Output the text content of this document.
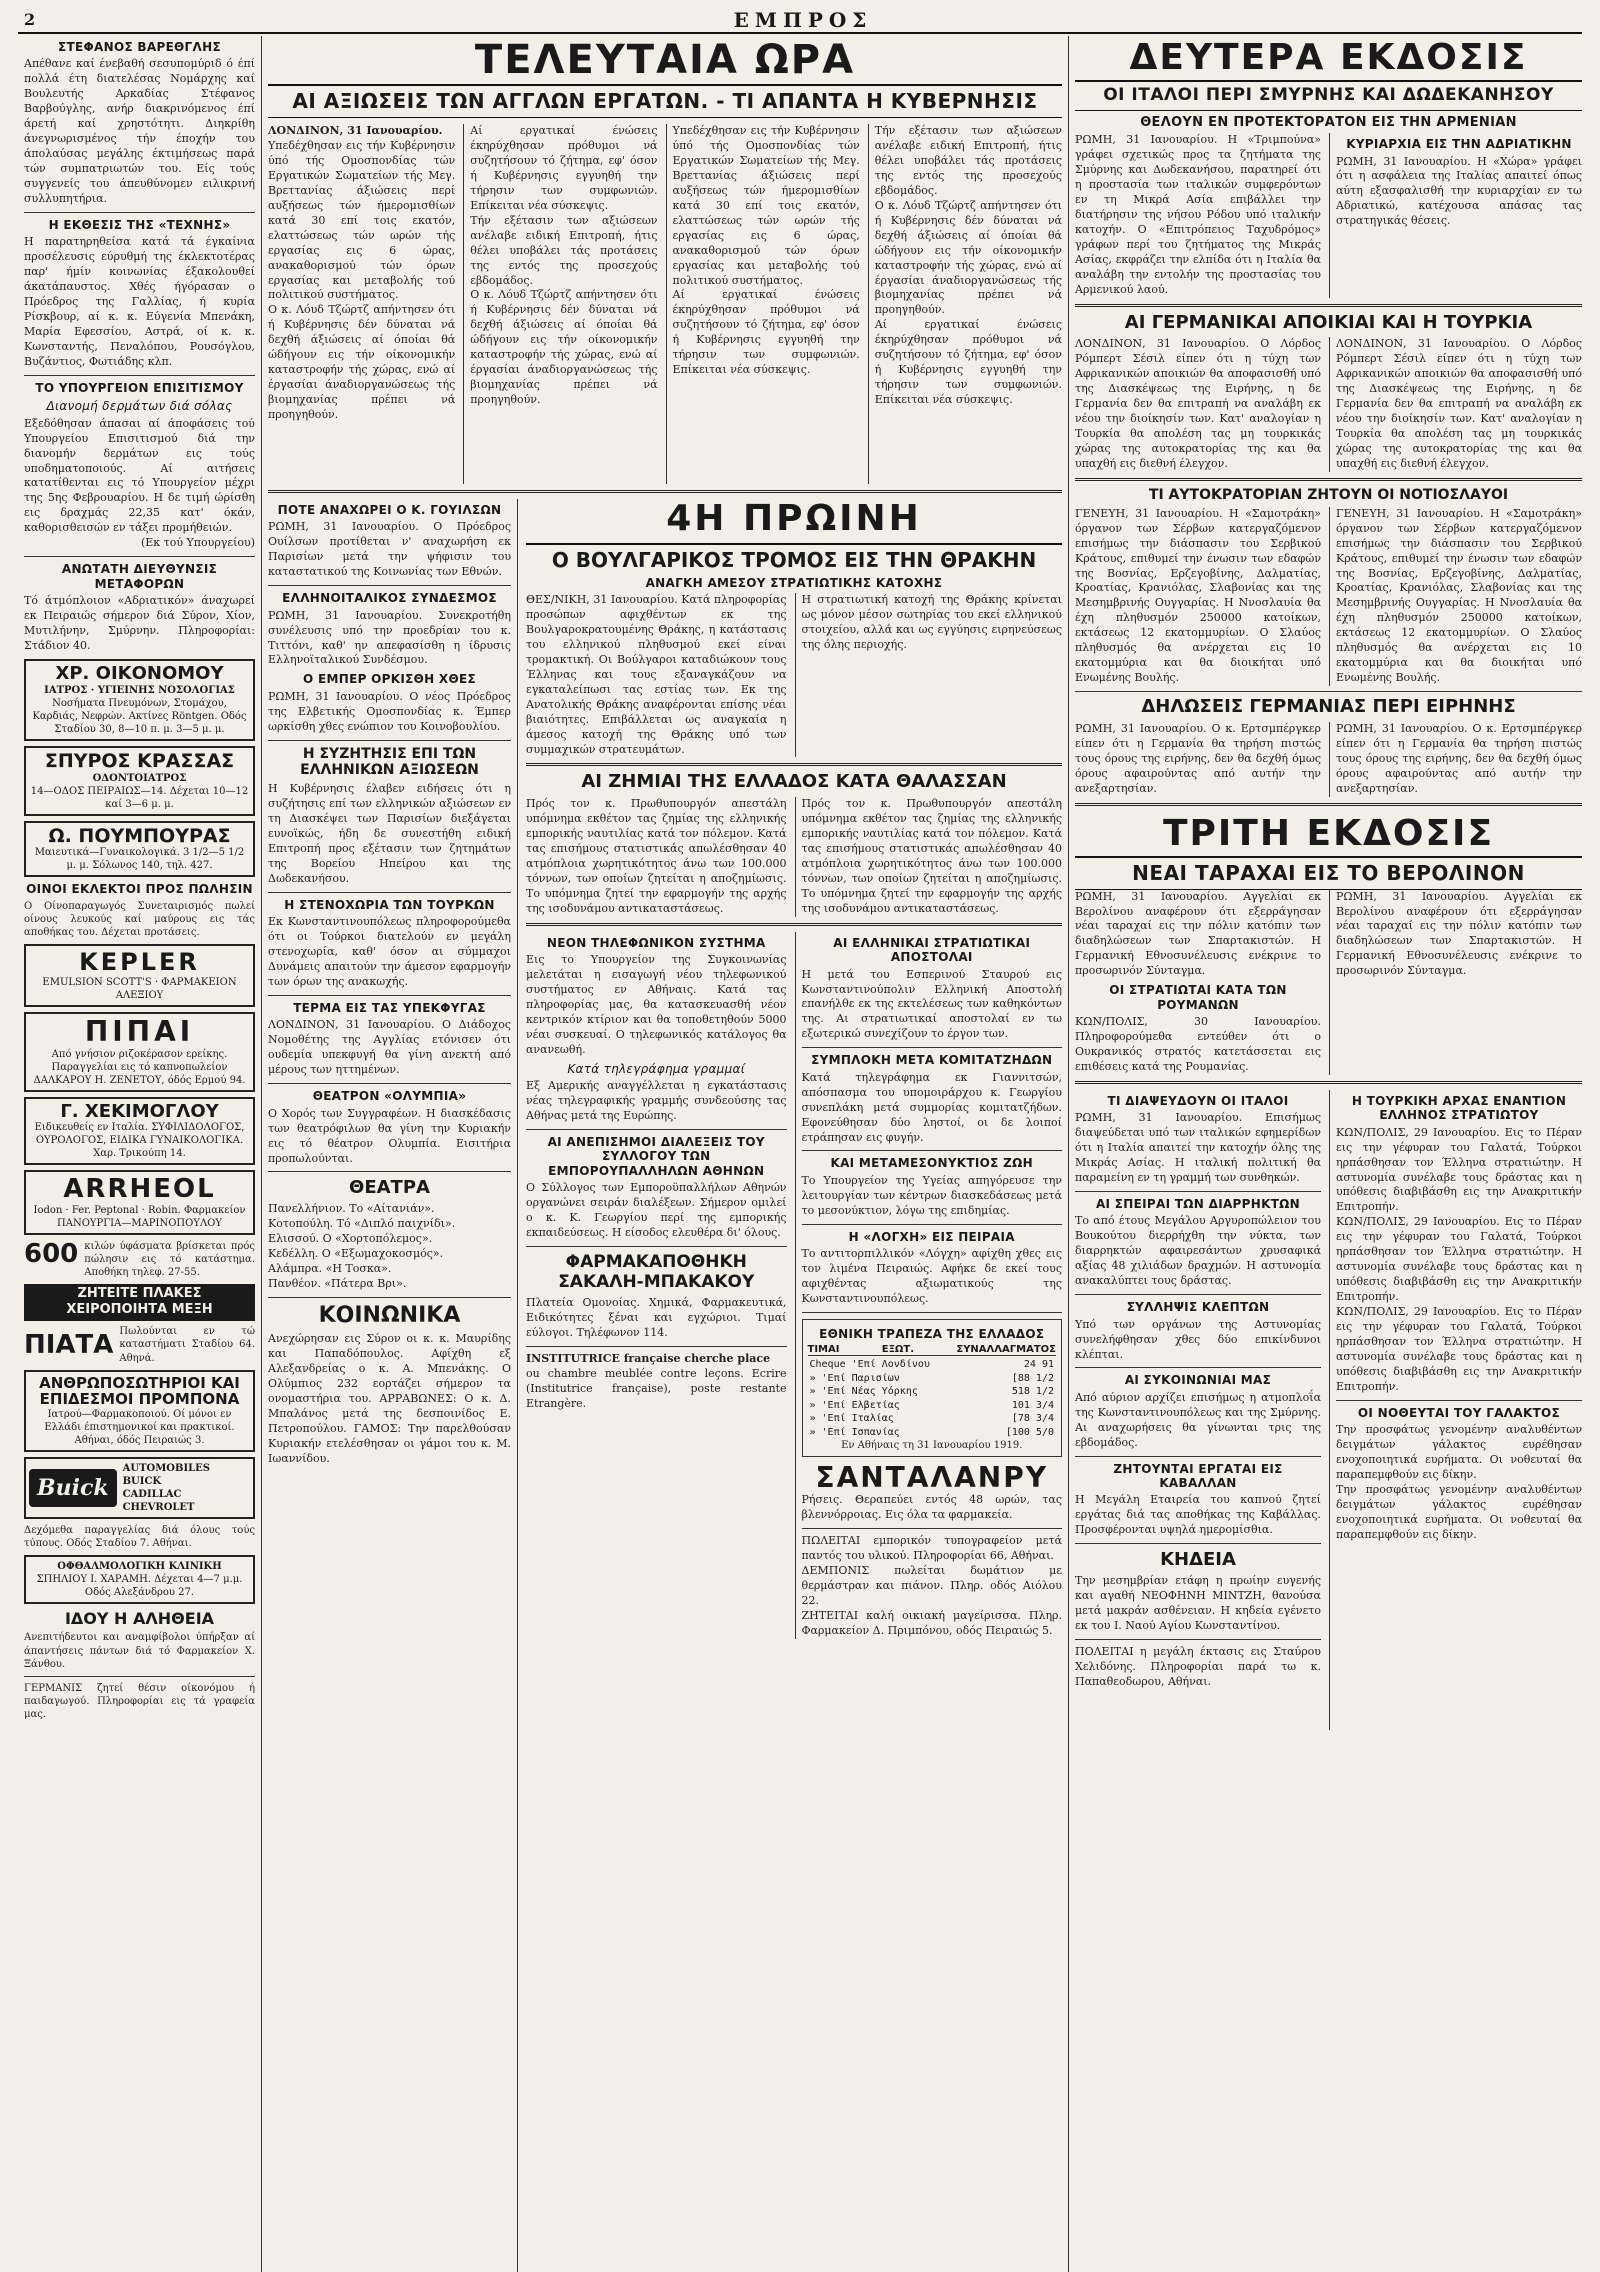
2	ΕΜΠΡΟΣ
ΣΤΕΦΑΝΟΣ ΒΑΡΕΘΓΛΗΣ
Απέθανε καί ένεβαθή σεσυπομύριδ ό έπί πολλά έτη διατελέσας Νομάρχης καί Βουλευτής Αρκαδίας Στέφανος Βαρβούγλης, ανήρ διακρινόμενος έπί άρετή καί χρηστότητι. Διηκρίθη άνεγνωρισμένος τήν έποχήν του άπολαύσας μεγάλης έκτιμήσεως παρά τών συμπατριωτών του. Είς τούς συγγενείς του άπευθύνομεν ειλικρινή συλλυπητήρια.
Η ΕΚΘΕΣΙΣ ΤΗΣ «ΤΕΧΝΗΣ»
Η παρατηρηθείσα κατά τά έγκαίνια προσέλευσις εύρυθμή της έκλεκτοτέρας παρ' ήμίν κοινωνίας έξακολουθεί άκατάπαυστος. Χθές ήγόρασαν ο Πρόεδρος της Γαλλίας, ή κυρία Ρίσκβουρ, αί κ. κ. Εύγενία Μπενάκη, Μαρία Εφεσσίου, Αστρά, οί κ. κ. Κωνσταντής, Πεναλόπου, Ρουσόγλου, Βυζάντιος, Φωτιάδης κλπ.
ΤΟ ΥΠΟΥΡΓΕΙΟΝ ΕΠΙΣΙΤΙΣΜΟΥ
Διανομή δερμάτων διά σόλας
Εξεδόθησαν άπασαι αί άποφάσεις τού Υπουργείου Επισιτισμού διά την διανομήν δερμάτων εις τούς υποδηματοποιούς. Αί αιτήσεις κατατίθενται εις τό Υπουργείον μέχρι της 5ης Φεβρουαρίου. Η δε τιμή ώρίσθη εις δραχμάς 22,35 κατ' όκάν, καθορισθεισών εν τάξει προμήθειών.
(Εκ τού Υπουργείου)
ΑΝΩΤΑΤΗ ΔΙΕΥΘΥΝΣΙΣ ΜΕΤΑΦΟΡΩΝ
Τό άτμόπλοιον «Αδριατικόν» άναχωρεί εκ Πειραιώς σήμερον διά Σύρον, Χίον, Μυτιλήνην, Σμύρνην. Πληροφορίαι: Στάδιον 40.
ΧΡ. ΟΙΚΟΝΟΜΟΥ
ΙΑΤΡΟΣ · ΥΓΙΕΙΝΗΣ ΝΟΣΟΛΟΓΙΑΣ
Νοσήματα Πνευμόνων, Στομάχου, Καρδιάς, Νεφρών. Ακτίνες Röntgen. Οδός Σταδίου 30, 8—10 π. μ. 3—5 μ. μ.
ΣΠΥΡΟΣ ΚΡΑΣΣΑΣ
ΟΔΟΝΤΟΙΑΤΡΟΣ
14—ΟΔΟΣ ΠΕΙΡΑΙΩΣ—14. Δέχεται 10—12 καί 3—6 μ. μ.
Ω. ΠΟΥΜΠΟΥΡΑΣ
Μαιευτικά—Γυναικολογικά. 3 1/2—5 1/2 μ. μ. Σόλωνος 140, τηλ. 427.
ΟΙΝΟΙ ΕΚΛΕΚΤΟΙ ΠΡΟΣ ΠΩΛΗΣΙΝ
Ο Οίνοπαραγωγός Συνεταιρισμός πωλεί οίνους λευκούς καί μαύρους εις τάς αποθήκας του. Δέχεται προτάσεις.
KEPLER
EMULSION SCOTT'S · ΦΑΡΜΑΚΕΙΟΝ ΑΛΕΞΙΟΥ
ΠΙΠΑΙ
Από γνήσιον ριζοκέρασον ερείκης. Παραγγελίαι εις τό καπνοπωλείον ΔΑΛΚΑΡΟΥ Η. ΖΕΝΕΤΟΥ, όδός Ερμού 94.
Γ. ΧΕΚΙΜΟΓΛΟΥ
Ειδικευθείς εν Ιταλία. ΣΥΦΙΛΙΔΟΛΟΓΟΣ, ΟΥΡΟΛΟΓΟΣ, ΕΙΔΙΚΑ ΓΥΝΑΙΚΟΛΟΓΙΚΑ. Χαρ. Τρικούπη 14.
ARRHEOL
Iodon · Fer. Peptonal · Robin. Φαρμακείον ΠΑΝΟΥΡΓΙΑ—ΜΑΡΙΝΟΠΟΥΛΟΥ
600 κιλών ύφάσματα βρίσκεται πρός πώλησιν εις τό κατάστημα. Αποθήκη τηλεφ. 27-55.
ΖΗΤΕΙΤΕ ΠΛΑΚΕΣ ΧΕΙΡΟΠΟΙΗΤΑ ΜΕΞΗ
ΠΙΑΤΑ Πωλούνται εν τώ καταστήματι Σταδίου 64. Αθηνά.
ΑΝΘΡΩΠΟΣΩΤΗΡΙΟΙ ΚΑΙ ΕΠΙΔΕΣΜΟΙ ΠΡΟΜΠΟΝΑ
Ιατρού—Φαρμακοποιού. Οί μόνοι εν Ελλάδι έπιστημονικοί και πρακτικοί. Αθήναι, όδός Πειραιώς 3.
Buick
AUTOMOBILES
BUICK
CADILLAC
CHEVROLET
Δεχόμεθα παραγγελίας διά όλους τούς τύπους. Οδός Σταδίου 7. Αθήναι.
ΟΦΘΑΛΜΟΛΟΓΙΚΗ ΚΛΙΝΙΚΗ
ΣΠΗΛΙΟΥ Ι. ΧΑΡΑΜΗ. Δέχεται 4—7 μ.μ. Οδός Αλεξάνδρου 27.
ΙΔΟΥ Η ΑΛΗΘΕΙΑ
Ανεπιτήδευτοι και αναμφίβολοι ύπήρξαν αί άπαντήσεις πάντων διά τό Φαρμακείον Χ. Ξάνθου.
ΓΕΡΜΑΝΙΣ ζητεί θέσιν οίκονόμου ή παιδαγωγού. Πληροφορίαι εις τά γραφεία μας.
ΤΕΛΕΥΤΑΙΑ ΩΡΑ
ΑΙ ΑΞΙΩΣΕΙΣ ΤΩΝ ΑΓΓΛΩΝ ΕΡΓΑΤΩΝ. - ΤΙ ΑΠΑΝΤΑ Η ΚΥΒΕΡΝΗΣΙΣ
ΛΟΝΔΙΝΟΝ, 31 Ιανουαρίου.
Υπεδέχθησαν εις τήν Κυβέρνησιν ύπό τής Ομοσπονδίας τών Εργατικών Σωματείων τής Μεγ. Βρεττανίας άξιώσεις περί αυξήσεως τών ήμερομισθίων κατά 30 επί τοις εκατόν, ελαττώσεως τών ωρών τής εργασίας εις 6 ώρας, ανακαθορισμού τών όρων εργασίας και μεταβολής τού πολιτικού συστήματος.
Ο κ. Λόυδ Τζώρτζ απήντησεν ότι ή Κυβέρνησις δέν δύναται νά δεχθή άξιώσεις αί όποίαι θά ώδήγουν εις τήν οίκονομικήν καταστροφήν τής χώρας, ενώ αί έργασίαι άναδιοργανώσεως τής βιομηχανίας πρέπει νά προηγηθούν.
Αί εργατικαί ένώσεις έκηρύχθησαν πρόθυμοι νά συζητήσουν τό ζήτημα, εφ' όσον ή Κυβέρνησις εγγυηθή την τήρησιν των συμφωνιών. Επίκειται νέα σύσκεψις.
Τήν εξέτασιν των αξιώσεων ανέλαβε ειδική Επιτροπή, ήτις θέλει υποβάλει τάς προτάσεις της εντός της προσεχούς εβδομάδος.
Ο κ. Λόυδ Τζώρτζ απήντησεν ότι ή Κυβέρνησις δέν δύναται νά δεχθή άξιώσεις αί όποίαι θά ώδήγουν εις τήν οίκονομικήν καταστροφήν τής χώρας, ενώ αί έργασίαι άναδιοργανώσεως τής βιομηχανίας πρέπει νά προηγηθούν.
Υπεδέχθησαν εις τήν Κυβέρνησιν ύπό τής Ομοσπονδίας τών Εργατικών Σωματείων τής Μεγ. Βρεττανίας άξιώσεις περί αυξήσεως τών ήμερομισθίων κατά 30 επί τοις εκατόν, ελαττώσεως τών ωρών τής εργασίας εις 6 ώρας, ανακαθορισμού τών όρων εργασίας και μεταβολής τού πολιτικού συστήματος.
Αί εργατικαί ένώσεις έκηρύχθησαν πρόθυμοι νά συζητήσουν τό ζήτημα, εφ' όσον ή Κυβέρνησις εγγυηθή την τήρησιν των συμφωνιών. Επίκειται νέα σύσκεψις.
Τήν εξέτασιν των αξιώσεων ανέλαβε ειδική Επιτροπή, ήτις θέλει υποβάλει τάς προτάσεις της εντός της προσεχούς εβδομάδος.
Ο κ. Λόυδ Τζώρτζ απήντησεν ότι ή Κυβέρνησις δέν δύναται νά δεχθή άξιώσεις αί όποίαι θά ώδήγουν εις τήν οίκονομικήν καταστροφήν τής χώρας, ενώ αί έργασίαι άναδιοργανώσεως τής βιομηχανίας πρέπει νά προηγηθούν.
Αί εργατικαί ένώσεις έκηρύχθησαν πρόθυμοι νά συζητήσουν τό ζήτημα, εφ' όσον ή Κυβέρνησις εγγυηθή την τήρησιν των συμφωνιών. Επίκειται νέα σύσκεψις.
ΠΟΤΕ ΑΝΑΧΩΡΕΙ Ο Κ. ΓΟΥΙΛΣΩΝ
ΡΩΜΗ, 31 Ιανουαρίου. Ο Πρόεδρος Ουίλσων προτίθεται ν' αναχωρήση εκ Παρισίων μετά την ψήφισιν του καταστατικού της Κοινωνίας των Εθνών.
ΕΛΛΗΝΟΙΤΑΛΙΚΟΣ ΣΥΝΔΕΣΜΟΣ
ΡΩΜΗ, 31 Ιανουαρίου. Συνεκροτήθη συνέλευσις υπό την προεδρίαν του κ. Τιττόνι, καθ' ην απεφασίσθη η ίδρυσις Ελληνοϊταλικού Συνδέσμου.
Ο ΕΜΠΕΡ ΟΡΚΙΣΘΗ ΧΘΕΣ
ΡΩΜΗ, 31 Ιανουαρίου. Ο νέος Πρόεδρος της Ελβετικής Ομοσπονδίας κ. Έμπερ ωρκίσθη χθες ενώπιον του Κοινοβουλίου.
Η ΣΥΖΗΤΗΣΙΣ ΕΠΙ ΤΩΝ ΕΛΛΗΝΙΚΩΝ ΑΞΙΩΣΕΩΝ
Η Κυβέρνησις έλαβεν ειδήσεις ότι η συζήτησις επί των ελληνικών αξιώσεων εν τη Διασκέψει των Παρισίων διεξάγεται ευνοϊκώς, ήδη δε συνεστήθη ειδική Επιτροπή προς εξέτασιν των ζητημάτων της Βορείου Ηπείρου και της Δωδεκανήσου.
Η ΣΤΕΝΟΧΩΡΙΑ ΤΩΝ ΤΟΥΡΚΩΝ
Εκ Κωνσταντινουπόλεως πληροφορούμεθα ότι οι Τούρκοι διατελούν εν μεγάλη στενοχωρία, καθ' όσον αι σύμμαχοι Δυνάμεις απαιτούν την άμεσον εφαρμογήν των όρων της ανακωχής.
ΤΕΡΜΑ ΕΙΣ ΤΑΣ ΥΠΕΚΦΥΓΑΣ
ΛΟΝΔΙΝΟΝ, 31 Ιανουαρίου. Ο Διάδοχος Νομοθέτης της Αγγλίας ετόνισεν ότι ουδεμία υπεκφυγή θα γίνη ανεκτή από μέρους των ηττημένων.
ΘΕΑΤΡΟΝ «ΟΛΥΜΠΙΑ»
Ο Χορός των Συγγραφέων. Η διασκέδασις των θεατρόφιλων θα γίνη την Κυριακήν εις τό θέατρον Ολυμπία. Εισιτήρια προπωλούνται.
ΘΕΑΤΡΑ
Πανελλήνιον. Το «Αίτανιάν».
Κοτοπούλη. Τό «Διπλό παιχνίδι».
Ελισσού. Ο «Χορτοπόλεμος».
Κεδέλλη. Ο «Εξωμαχοκοσμός».
Αλάμπρα. «Η Τοσκα».
Πανθέον. «Πάτερα Βρι».
ΚΟΙΝΩΝΙΚΑ
Ανεχώρησαν εις Σύρον οι κ. κ. Μαυρίδης και Παπαδόπουλος. Αφίχθη εξ Αλεξανδρείας ο κ. Α. Μπενάκης. Ο Ολύμπιος 232 εορτάζει σήμερον τα ονομαστήρια του. ΑΡΡΑΒΩΝΕΣ: Ο κ. Δ. Μπαλάνος μετά της δεσποινίδος Ε. Πετροπούλου. ΓΑΜΟΣ: Την παρελθούσαν Κυριακήν ετελέσθησαν οι γάμοι του κ. Μ. Ιωαννίδου.
4Η ΠΡΩΙΝΗ
Ο ΒΟΥΛΓΑΡΙΚΟΣ ΤΡΟΜΟΣ ΕΙΣ ΤΗΝ ΘΡΑΚΗΝ
ΑΝΑΓΚΗ ΑΜΕΣΟΥ ΣΤΡΑΤΙΩΤΙΚΗΣ ΚΑΤΟΧΗΣ
ΘΕΣ/ΝΙΚΗ, 31 Ιανουαρίου. Κατά πληροφορίας προσώπων αφιχθέντων εκ της Βουλγαροκρατουμένης Θράκης, η κατάστασις του ελληνικού πληθυσμού εκεί είναι τρομακτική. Οι Βούλγαροι καταδιώκουν τους Έλληνας και τους εξαναγκάζουν να εγκαταλείπωσι τας εστίας των. Εκ της Ανατολικής Θράκης αναφέρονται επίσης νέαι βιαιότητες. Επιβάλλεται ως αναγκαία η άμεσος κατοχή της Θράκης υπό των συμμαχικών στρατευμάτων.
Η στρατιωτική κατοχή της Θράκης κρίνεται ως μόνον μέσον σωτηρίας του εκεί ελληνικού στοιχείου, αλλά και ως εγγύησις ειρηνεύσεως της όλης περιοχής.
ΑΙ ΖΗΜΙΑΙ ΤΗΣ ΕΛΛΑΔΟΣ ΚΑΤΑ ΘΑΛΑΣΣΑΝ
Πρός τον κ. Πρωθυπουργόν απεστάλη υπόμνημα εκθέτον τας ζημίας της ελληνικής εμπορικής ναυτιλίας κατά τον πόλεμον. Κατά τας επισήμους στατιστικάς απωλέσθησαν 40 ατμόπλοια χωρητικότητος άνω των 100.000 τόννων, των οποίων ζητείται η αποζημίωσις. Το υπόμνημα ζητεί την εφαρμογήν της αρχής της ισοδυνάμου αντικαταστάσεως.
Πρός τον κ. Πρωθυπουργόν απεστάλη υπόμνημα εκθέτον τας ζημίας της ελληνικής εμπορικής ναυτιλίας κατά τον πόλεμον. Κατά τας επισήμους στατιστικάς απωλέσθησαν 40 ατμόπλοια χωρητικότητος άνω των 100.000 τόννων, των οποίων ζητείται η αποζημίωσις. Το υπόμνημα ζητεί την εφαρμογήν της αρχής της ισοδυνάμου αντικαταστάσεως.
ΝΕΟΝ ΤΗΛΕΦΩΝΙΚΟΝ ΣΥΣΤΗΜΑ
Εις το Υπουργείον της Συγκοινωνίας μελετάται η εισαγωγή νέου τηλεφωνικού συστήματος εν Αθήναις. Κατά τας πληροφορίας μας, θα κατασκευασθή νέον κεντρικόν κτίριον και θα τοποθετηθούν 5000 νέαι συσκευαί. Ο τηλεφωνικός κατάλογος θα ανανεωθή.
Κατά τηλεγράφημα γραμμαί
Εξ Αμερικής αναγγέλλεται η εγκατάστασις νέας τηλεγραφικής γραμμής συνδεούσης τας Αθήνας μετά της Ευρώπης.
ΑΙ ΑΝΕΠΙΣΗΜΟΙ ΔΙΑΛΕΞΕΙΣ ΤΟΥ ΣΥΛΛΟΓΟΥ ΤΩΝ ΕΜΠΟΡΟΥΠΑΛΛΗΛΩΝ ΑΘΗΝΩΝ
Ο Σύλλογος των Εμποροϋπαλλήλων Αθηνών οργανώνει σειράν διαλέξεων. Σήμερον ομιλεί ο κ. Κ. Γεωργίου περί της εμπορικής εκπαιδεύσεως. Η είσοδος ελευθέρα δι' όλους.
ΦΑΡΜΑΚΑΠΟΘΗΚΗ ΣΑΚΑΛΗ-ΜΠΑΚΑΚΟΥ
Πλατεία Ομονοίας. Χημικά, Φαρμακευτικά, Ειδικότητες ξέναι και εγχώριοι. Τιμαί εύλογοι. Τηλέφωνον 114.
INSTITUTRICE française cherche place
ou chambre meublée contre leçons. Ecrire (Institutrice française), poste restante Etrangère.
ΑΙ ΕΛΛΗΝΙΚΑΙ ΣΤΡΑΤΙΩΤΙΚΑΙ ΑΠΟΣΤΟΛΑΙ
Η μετά του Εσπερινού Σταυρού εις Κωνσταντινούπολιν Ελληνική Αποστολή επανήλθε εκ της εκτελέσεως των καθηκόντων της. Αι στρατιωτικαί αποστολαί εν τω εξωτερικώ συνεχίζουν το έργον των.
ΣΥΜΠΛΟΚΗ ΜΕΤΑ ΚΟΜΙΤΑΤΖΗΔΩΝ
Κατά τηλεγράφημα εκ Γιαννιτσών, απόσπασμα του υπομοιράρχου κ. Γεωργίου συνεπλάκη μετά συμμορίας κομιτατζήδων. Εφονεύθησαν δύο ληστοί, οι δε λοιποί ετράπησαν εις φυγήν.
ΚΑΙ ΜΕΤΑΜΕΣΟΝΥΚΤΙΟΣ ΖΩΗ
Το Υπουργείον της Υγείας απηγόρευσε την λειτουργίαν των κέντρων διασκεδάσεως μετά το μεσονύκτιον, λόγω της επιδημίας.
Η «ΛΟΓΧΗ» ΕΙΣ ΠΕΙΡΑΙΑ
Το αντιτορπιλλικόν «Λόγχη» αφίχθη χθες εις τον λιμένα Πειραιώς. Αφήκε δε εκεί τους αφιχθέντας αξιωματικούς της Κωνσταντινουπόλεως.
ΕΘΝΙΚΗ ΤΡΑΠΕΖΑ ΤΗΣ ΕΛΛΑΔΟΣ
ΤΙΜΑΙ	ΕΞΩΤ.	ΣΥΝΑΛΛΑΓΜΑΤΟΣ
Cheque 'Επί Λονδίνου	24 91
» 'Επί Παρισίων	[88 1/2
» 'Επί Νέας Υόρκης	518 1/2
» 'Επί Ελβετίας	101 3/4
» 'Επί Ιταλίας	[78 3/4
» 'Επί Ισπανίας	[100 5/0
Εν Αθήναις τη 31 Ιανουαρίου 1919.
ΣΑΝΤΑΛΑΝΡΥ
Ρήσεις. Θεραπεύει εντός 48 ωρών, τας βλεννόρροιας. Εις όλα τα φαρμακεία.
ΠΩΛΕΙΤΑΙ εμπορικόν τυπογραφείον μετά παντός του υλικού. Πληροφορίαι 66, Αθήναι.
ΔΕΜΠΟΝΙΣ πωλείται δωμάτιον με θερμάστραν και πιάνον. Πληρ. οδός Αιόλου 22.
ΖΗΤΕΙΤΑΙ καλή οικιακή μαγείρισσα. Πληρ. Φαρμακείον Δ. Πριμπόνου, οδός Πειραιώς 5.
ΔΕΥΤΕΡΑ ΕΚΔΟΣΙΣ
ΟΙ ΙΤΑΛΟΙ ΠΕΡΙ ΣΜΥΡΝΗΣ ΚΑΙ ΔΩΔΕΚΑΝΗΣΟΥ
ΘΕΛΟΥΝ ΕΝ ΠΡΟΤΕΚΤΟΡΑΤΟΝ ΕΙΣ ΤΗΝ ΑΡΜΕΝΙΑΝ
ΡΩΜΗ, 31 Ιανουαρίου. Η «Τριμπούνα» γράφει σχετικώς προς τα ζητήματα της Σμύρνης και Δωδεκανήσου, παρατηρεί ότι η προστασία των ιταλικών συμφερόντων εν τη Μικρά Ασία επιβάλλει την διατήρησιν της νήσου Ρόδου υπό ιταλικήν κατοχήν. Ο «Επιτρόπειος Ταχυδρόμος» γράφων περί του ζητήματος της Μικράς Ασίας, εκφράζει την ελπίδα ότι η Ιταλία θα αναλάβη την εντολήν της προστασίας του Αρμενικού λαού.
ΚΥΡΙΑΡΧΙΑ ΕΙΣ ΤΗΝ ΑΔΡΙΑΤΙΚΗΝ
ΡΩΜΗ, 31 Ιανουαρίου. Η «Χώρα» γράφει ότι η ασφάλεια της Ιταλίας απαιτεί όπως αύτη εξασφαλισθή την κυριαρχίαν εν τω Αδριατικώ, κατέχουσα απάσας τας στρατηγικάς θέσεις.
ΑΙ ΓΕΡΜΑΝΙΚΑΙ ΑΠΟΙΚΙΑΙ ΚΑΙ Η ΤΟΥΡΚΙΑ
ΛΟΝΔΙΝΟΝ, 31 Ιανουαρίου. Ο Λόρδος Ρόμπερτ Σέσιλ είπεν ότι η τύχη των Αφρικανικών αποικιών θα αποφασισθή υπό της Διασκέψεως της Ειρήνης, η δε Γερμανία δεν θα επιτραπή να αναλάβη εκ νέου την διοίκησίν των. Κατ' αναλογίαν η Τουρκία θα απολέση τας μη τουρκικάς χώρας της αυτοκρατορίας της και θα υπαχθή εις διεθνή έλεγχον.
ΛΟΝΔΙΝΟΝ, 31 Ιανουαρίου. Ο Λόρδος Ρόμπερτ Σέσιλ είπεν ότι η τύχη των Αφρικανικών αποικιών θα αποφασισθή υπό της Διασκέψεως της Ειρήνης, η δε Γερμανία δεν θα επιτραπή να αναλάβη εκ νέου την διοίκησίν των. Κατ' αναλογίαν η Τουρκία θα απολέση τας μη τουρκικάς χώρας της αυτοκρατορίας της και θα υπαχθή εις διεθνή έλεγχον.
ΤΙ ΑΥΤΟΚΡΑΤΟΡΙΑΝ ΖΗΤΟΥΝ ΟΙ ΝΟΤΙΟΣΛΑΥΟΙ
ΓΕΝΕΥΗ, 31 Ιανουαρίου. Η «Σαμοτράκη» όργανον των Σέρβων κατεργαζόμενον επισήμως την διάσπασιν του Σερβικού Κράτους, επιθυμεί την ένωσιν των εδαφών της Βοσνίας, Ερζεγοβίνης, Δαλματίας, Κροατίας, Κρανιόλας, Σλαβονίας και της Μεσημβρινής Ουγγαρίας. Η Ννοσλαυία θα έχη πληθυσμόν 250000 κατοίκων, εκτάσεως 12 εκατομμυρίων. Ο Σλαύος πληθυσμός θα ανέρχεται εις 10 εκατομμύρια και θα διοικήται υπό Ενωμένης Βουλής.
ΓΕΝΕΥΗ, 31 Ιανουαρίου. Η «Σαμοτράκη» όργανον των Σέρβων κατεργαζόμενον επισήμως την διάσπασιν του Σερβικού Κράτους, επιθυμεί την ένωσιν των εδαφών της Βοσνίας, Ερζεγοβίνης, Δαλματίας, Κροατίας, Κρανιόλας, Σλαβονίας και της Μεσημβρινής Ουγγαρίας. Η Ννοσλαυία θα έχη πληθυσμόν 250000 κατοίκων, εκτάσεως 12 εκατομμυρίων. Ο Σλαύος πληθυσμός θα ανέρχεται εις 10 εκατομμύρια και θα διοικήται υπό Ενωμένης Βουλής.
ΔΗΛΩΣΕΙΣ ΓΕΡΜΑΝΙΑΣ ΠΕΡΙ ΕΙΡΗΝΗΣ
ΡΩΜΗ, 31 Ιανουαρίου. Ο κ. Ερτσμπέργκερ είπεν ότι η Γερμανία θα τηρήση πιστώς τους όρους της ειρήνης, δεν θα δεχθή όμως όρους αφαιρούντας από αυτήν την ανεξαρτησίαν.
ΡΩΜΗ, 31 Ιανουαρίου. Ο κ. Ερτσμπέργκερ είπεν ότι η Γερμανία θα τηρήση πιστώς τους όρους της ειρήνης, δεν θα δεχθή όμως όρους αφαιρούντας από αυτήν την ανεξαρτησίαν.
ΤΡΙΤΗ ΕΚΔΟΣΙΣ
ΝΕΑΙ ΤΑΡΑΧΑΙ ΕΙΣ ΤΟ ΒΕΡΟΛΙΝΟΝ
ΡΩΜΗ, 31 Ιανουαρίου. Αγγελίαι εκ Βερολίνου αναφέρουν ότι εξερράγησαν νέαι ταραχαί εις την πόλιν κατόπιν των διαδηλώσεων των Σπαρτακιστών. Η Γερμανική Εθνοσυνέλευσις ενέκρινε το προσωρινόν Σύνταγμα.
ΟΙ ΣΤΡΑΤΙΩΤΑΙ ΚΑΤΑ ΤΩΝ ΡΟΥΜΑΝΩΝ
ΚΩΝ/ΠΟΛΙΣ, 30 Ιανουαρίου. Πληροφορούμεθα εντεύθεν ότι ο Ουκρανικός στρατός κατετάσσεται εις επιθέσεις κατά της Ρουμανίας.
ΡΩΜΗ, 31 Ιανουαρίου. Αγγελίαι εκ Βερολίνου αναφέρουν ότι εξερράγησαν νέαι ταραχαί εις την πόλιν κατόπιν των διαδηλώσεων των Σπαρτακιστών. Η Γερμανική Εθνοσυνέλευσις ενέκρινε το προσωρινόν Σύνταγμα.
ΤΙ ΔΙΑΨΕΥΔΟΥΝ ΟΙ ΙΤΑΛΟΙ
ΡΩΜΗ, 31 Ιανουαρίου. Επισήμως διαψεύδεται υπό των ιταλικών εφημερίδων ότι η Ιταλία απαιτεί την κατοχήν όλης της Μικράς Ασίας. Η ιταλική πολιτική θα παραμείνη εν τη γραμμή των συνθηκών.
ΑΙ ΣΠΕΙΡΑΙ ΤΩΝ ΔΙΑΡΡΗΚΤΩΝ
Το από έτους Μεγάλου Αργυροπώλειον του Βουκούτου διερρήχθη την νύκτα, των διαρρηκτών αφαιρεσάντων χρυσαφικά αξίας 48 χιλιάδων δραχμών. Η αστυνομία ανακαλύπτει τους δράστας.
ΣΥΛΛΗΨΙΣ ΚΛΕΠΤΩΝ
Υπό των οργάνων της Αστυνομίας συνελήφθησαν χθες δύο επικίνδυνοι κλέπται.
ΑΙ ΣΥΚΟΙΝΩΝΙΑΙ ΜΑΣ
Από αύριον αρχίζει επισήμως η ατμοπλοΐα της Κωνσταντινουπόλεως και της Σμύρνης. Αι αναχωρήσεις θα γίνωνται τρις της εβδομάδος.
ΖΗΤΟΥΝΤΑΙ ΕΡΓΑΤΑΙ ΕΙΣ ΚΑΒΑΛΛΑΝ
Η Μεγάλη Εταιρεία του καπνού ζητεί εργάτας διά τας αποθήκας της Καβάλλας. Προσφέρονται υψηλά ημερομίσθια.
ΚΗΔΕΙΑ
Την μεσημβρίαν ετάφη η πρωίην ευγενής και αγαθή ΝΕΟΦΗΝΗ ΜΙΝΤΖΗ, θανούσα μετά μακράν ασθένειαν. Η κηδεία εγένετο εκ του Ι. Ναού Αγίου Κωνσταντίνου.
ΠΟΛΕΙΤΑΙ η μεγάλη έκτασις εις Σταύρου Χελιδόνης. Πληροφορίαι παρά τω κ. Παπαθεοδωρου, Αθήναι.
Η ΤΟΥΡΚΙΚΗ ΑΡΧΑΣ ΕΝΑΝΤΙΟΝ ΕΛΛΗΝΟΣ ΣΤΡΑΤΙΩΤΟΥ
ΚΩΝ/ΠΟΛΙΣ, 29 Ιανουαρίου. Εις το Πέραν εις την γέφυραν του Γαλατά, Τούρκοι ηρπάσθησαν τον Έλληνα στρατιώτην. Η αστυνομία συνέλαβε τους δράστας και η υπόθεσις διαβιβάσθη εις την Ανακριτικήν Επιτροπήν.
ΚΩΝ/ΠΟΛΙΣ, 29 Ιανουαρίου. Εις το Πέραν εις την γέφυραν του Γαλατά, Τούρκοι ηρπάσθησαν τον Έλληνα στρατιώτην. Η αστυνομία συνέλαβε τους δράστας και η υπόθεσις διαβιβάσθη εις την Ανακριτικήν Επιτροπήν.
ΚΩΝ/ΠΟΛΙΣ, 29 Ιανουαρίου. Εις το Πέραν εις την γέφυραν του Γαλατά, Τούρκοι ηρπάσθησαν τον Έλληνα στρατιώτην. Η αστυνομία συνέλαβε τους δράστας και η υπόθεσις διαβιβάσθη εις την Ανακριτικήν Επιτροπήν.
ΟΙ ΝΟΘΕΥΤΑΙ ΤΟΥ ΓΑΛΑΚΤΟΣ
Την προσφάτως γενομένην αναλυθέντων δειγμάτων γάλακτος ευρέθησαν ενοχοποιητικά ευρήματα. Οι νοθευταί θα παραπεμφθούν εις δίκην.
Την προσφάτως γενομένην αναλυθέντων δειγμάτων γάλακτος ευρέθησαν ενοχοποιητικά ευρήματα. Οι νοθευταί θα παραπεμφθούν εις δίκην.
